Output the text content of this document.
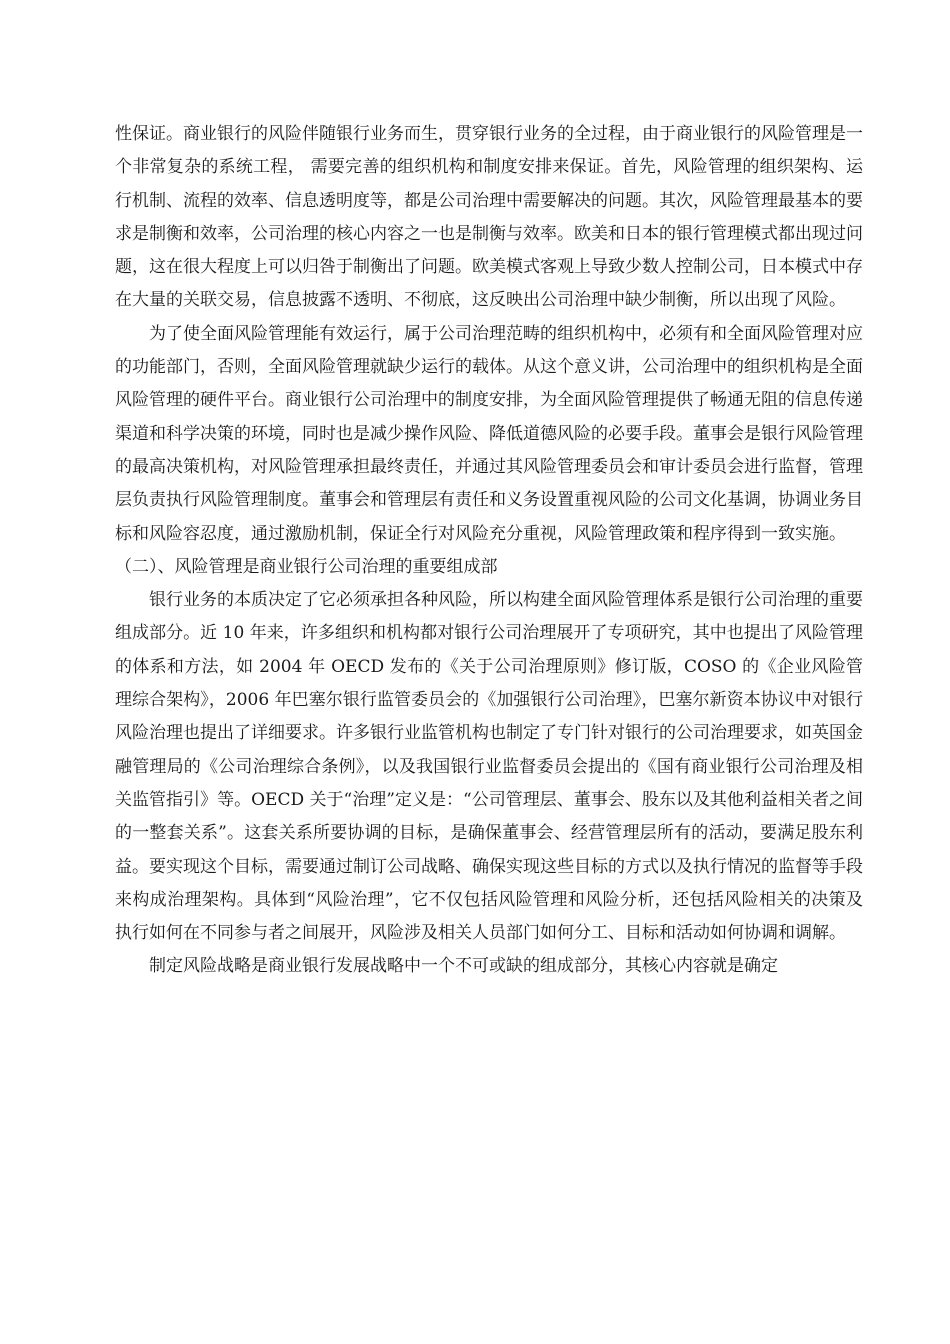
性保证。商业银行的风险伴随银行业务而生，贯穿银行业务的全过程，由于商业银行的风险管理是一个非常复杂的系统工程， 需要完善的组织机构和制度安排来保证。首先，风险管理的组织架构、运行机制、流程的效率、信息透明度等，都是公司治理中需要解决的问题。其次，风险管理最基本的要求是制衡和效率，公司治理的核心内容之一也是制衡与效率。欧美和日本的银行管理模式都出现过问题，这在很大程度上可以归咎于制衡出了问题。欧美模式客观上导致少数人控制公司，日本模式中存在大量的关联交易，信息披露不透明、不彻底，这反映出公司治理中缺少制衡，所以出现了风险。

为了使全面风险管理能有效运行，属于公司治理范畴的组织机构中，必须有和全面风险管理对应的功能部门，否则，全面风险管理就缺少运行的载体。从这个意义讲，公司治理中的组织机构是全面风险管理的硬件平台。商业银行公司治理中的制度安排，为全面风险管理提供了畅通无阻的信息传递渠道和科学决策的环境，同时也是减少操作风险、降低道德风险的必要手段。董事会是银行风险管理的最高决策机构，对风险管理承担最终责任，并通过其风险管理委员会和审计委员会进行监督，管理层负责执行风险管理制度。董事会和管理层有责任和义务设置重视风险的公司文化基调，协调业务目标和风险容忍度，通过激励机制，保证全行对风险充分重视，风险管理政策和程序得到一致实施。

（二）、风险管理是商业银行公司治理的重要组成部

银行业务的本质决定了它必须承担各种风险，所以构建全面风险管理体系是银行公司治理的重要组成部分。近 10 年来，许多组织和机构都对银行公司治理展开了专项研究，其中也提出了风险管理的体系和方法，如 2004 年 OECD 发布的《关于公司治理原则》修订版，COSO 的《企业风险管理综合架构》，2006 年巴塞尔银行监管委员会的《加强银行公司治理》，巴塞尔新资本协议中对银行风险治理也提出了详细要求。许多银行业监管机构也制定了专门针对银行的公司治理要求，如英国金融管理局的《公司治理综合条例》，以及我国银行业监督委员会提出的《国有商业银行公司治理及相关监管指引》等。OECD 关于“治理”定义是：“公司管理层、董事会、股东以及其他利益相关者之间的一整套关系”。这套关系所要协调的目标，是确保董事会、经营管理层所有的活动，要满足股东利益。要实现这个目标，需要通过制订公司战略、确保实现这些目标的方式以及执行情况的监督等手段来构成治理架构。具体到“风险治理”，它不仅包括风险管理和风险分析，还包括风险相关的决策及执行如何在不同参与者之间展开，风险涉及相关人员部门如何分工、目标和活动如何协调和调解。

制定风险战略是商业银行发展战略中一个不可或缺的组成部分，其核心内容就是确定
